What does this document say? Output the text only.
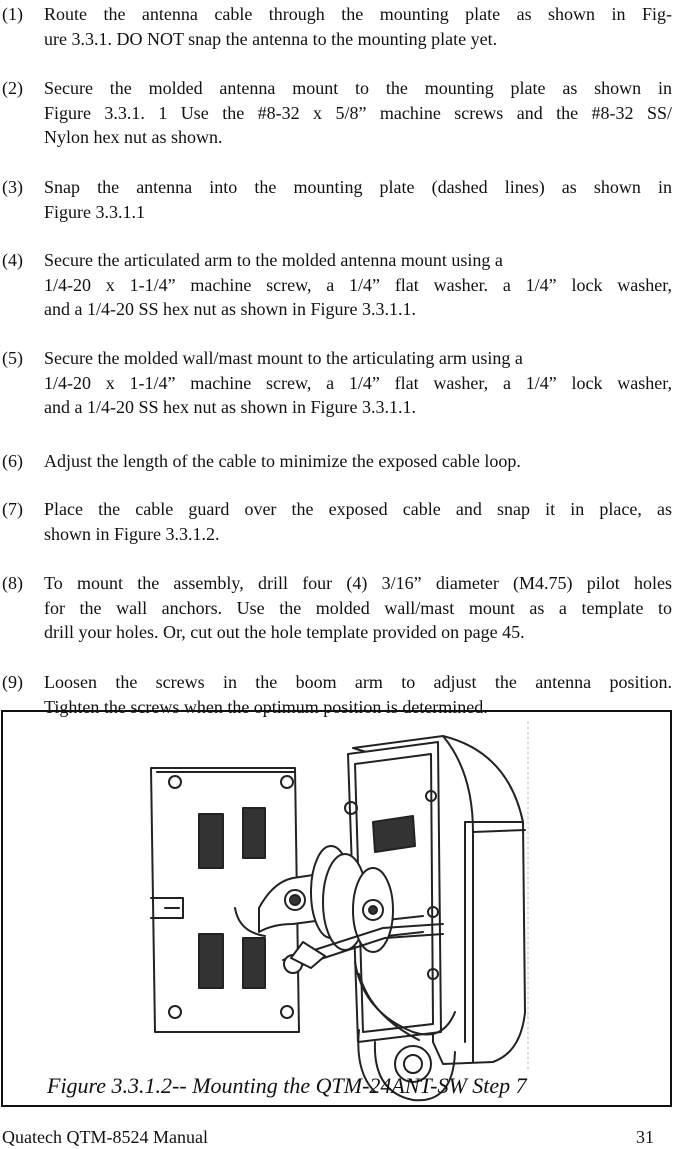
(1)	Route the antenna cable through the mounting plate as shown in Fig-
ure 3.3.1. DO NOT snap the antenna to the mounting plate yet.
(2)	Secure the molded antenna mount to the mounting plate as shown in
Figure 3.3.1. 1 Use the #8-32 x 5/8” machine screws and the #8-32 SS/
Nylon hex nut as shown.
(3)	Snap the antenna into the mounting plate (dashed lines) as shown in
Figure 3.3.1.1
(4)	Secure the articulated arm to the molded antenna mount using a
1/4-20 x 1-1/4” machine screw, a 1/4” flat washer. a 1/4” lock washer,
and a 1/4-20 SS hex nut as shown in Figure 3.3.1.1.
(5)	Secure the molded wall/mast mount to the articulating arm using a
1/4-20 x 1-1/4” machine screw, a 1/4” flat washer, a 1/4” lock washer,
and a 1/4-20 SS hex nut as shown in Figure 3.3.1.1.
(6)	Adjust the length of the cable to minimize the exposed cable loop.
(7)	Place the cable guard over the exposed cable and snap it in place, as
shown in Figure 3.3.1.2.
(8)	To mount the assembly, drill four (4) 3/16” diameter (M4.75) pilot holes
for the wall anchors. Use the molded wall/mast mount as a template to
drill your holes. Or, cut out the hole template provided on page 45.
(9)	Loosen the screws in the boom arm to adjust the antenna position.
Tighten the screws when the optimum position is determined.
Figure 3.3.1.2-- Mounting the QTM-24ANT-SW Step 7
Quatech QTM-8524 Manual	31
